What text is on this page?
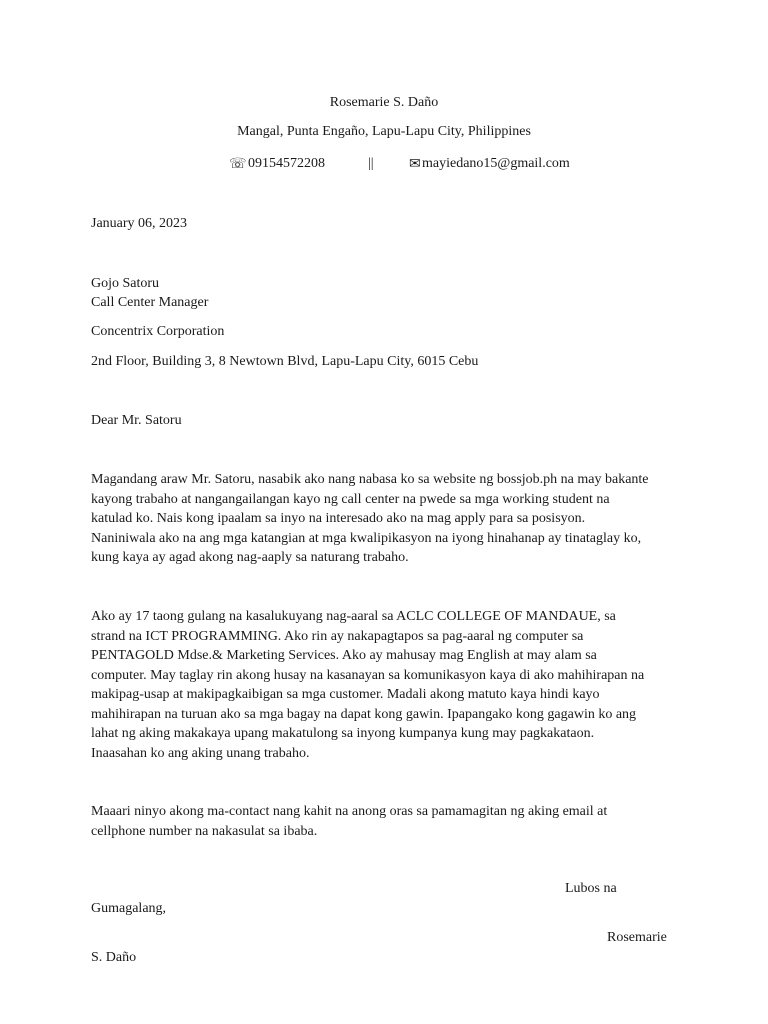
Rosemarie S. Daño
Mangal, Punta Engaño, Lapu-Lapu City, Philippines
☏ 09154572208	||	✉ mayiedano15@gmail.com
January 06, 2023
Gojo Satoru
Call Center Manager
Concentrix Corporation
2nd Floor, Building 3, 8 Newtown Blvd, Lapu-Lapu City, 6015 Cebu
Dear Mr. Satoru
Magandang araw Mr. Satoru, nasabik ako nang nabasa ko sa website ng bossjob.ph na may bakante kayong trabaho at nangangailangan kayo ng call center na pwede sa mga working student na katulad ko. Nais kong ipaalam sa inyo na interesado ako na mag apply para sa posisyon. Naniniwala ako na ang mga katangian at mga kwalipikasyon na iyong hinahanap ay tinataglay ko, kung kaya ay agad akong nag-aaply sa naturang trabaho.
Ako ay 17 taong gulang na kasalukuyang nag-aaral sa ACLC COLLEGE OF MANDAUE, sa strand na ICT PROGRAMMING. Ako rin ay nakapagtapos sa pag-aaral ng computer sa PENTAGOLD Mdse.& Marketing Services. Ako ay mahusay mag English at may alam sa computer. May taglay rin akong husay na kasanayan sa komunikasyon kaya di ako mahihirapan na makipag-usap at makipagkaibigan sa mga customer. Madali akong matuto kaya hindi kayo mahihirapan na turuan ako sa mga bagay na dapat kong gawin. Ipapangako kong gagawin ko ang lahat ng aking makakaya upang makatulong sa inyong kumpanya kung may pagkakataon. Inaasahan ko ang aking unang trabaho.
Maaari ninyo akong ma-contact nang kahit na anong oras sa pamamagitan ng aking email at cellphone number na nakasulat sa ibaba.
Lubos na
Gumagalang,
Rosemarie
S. Daño
